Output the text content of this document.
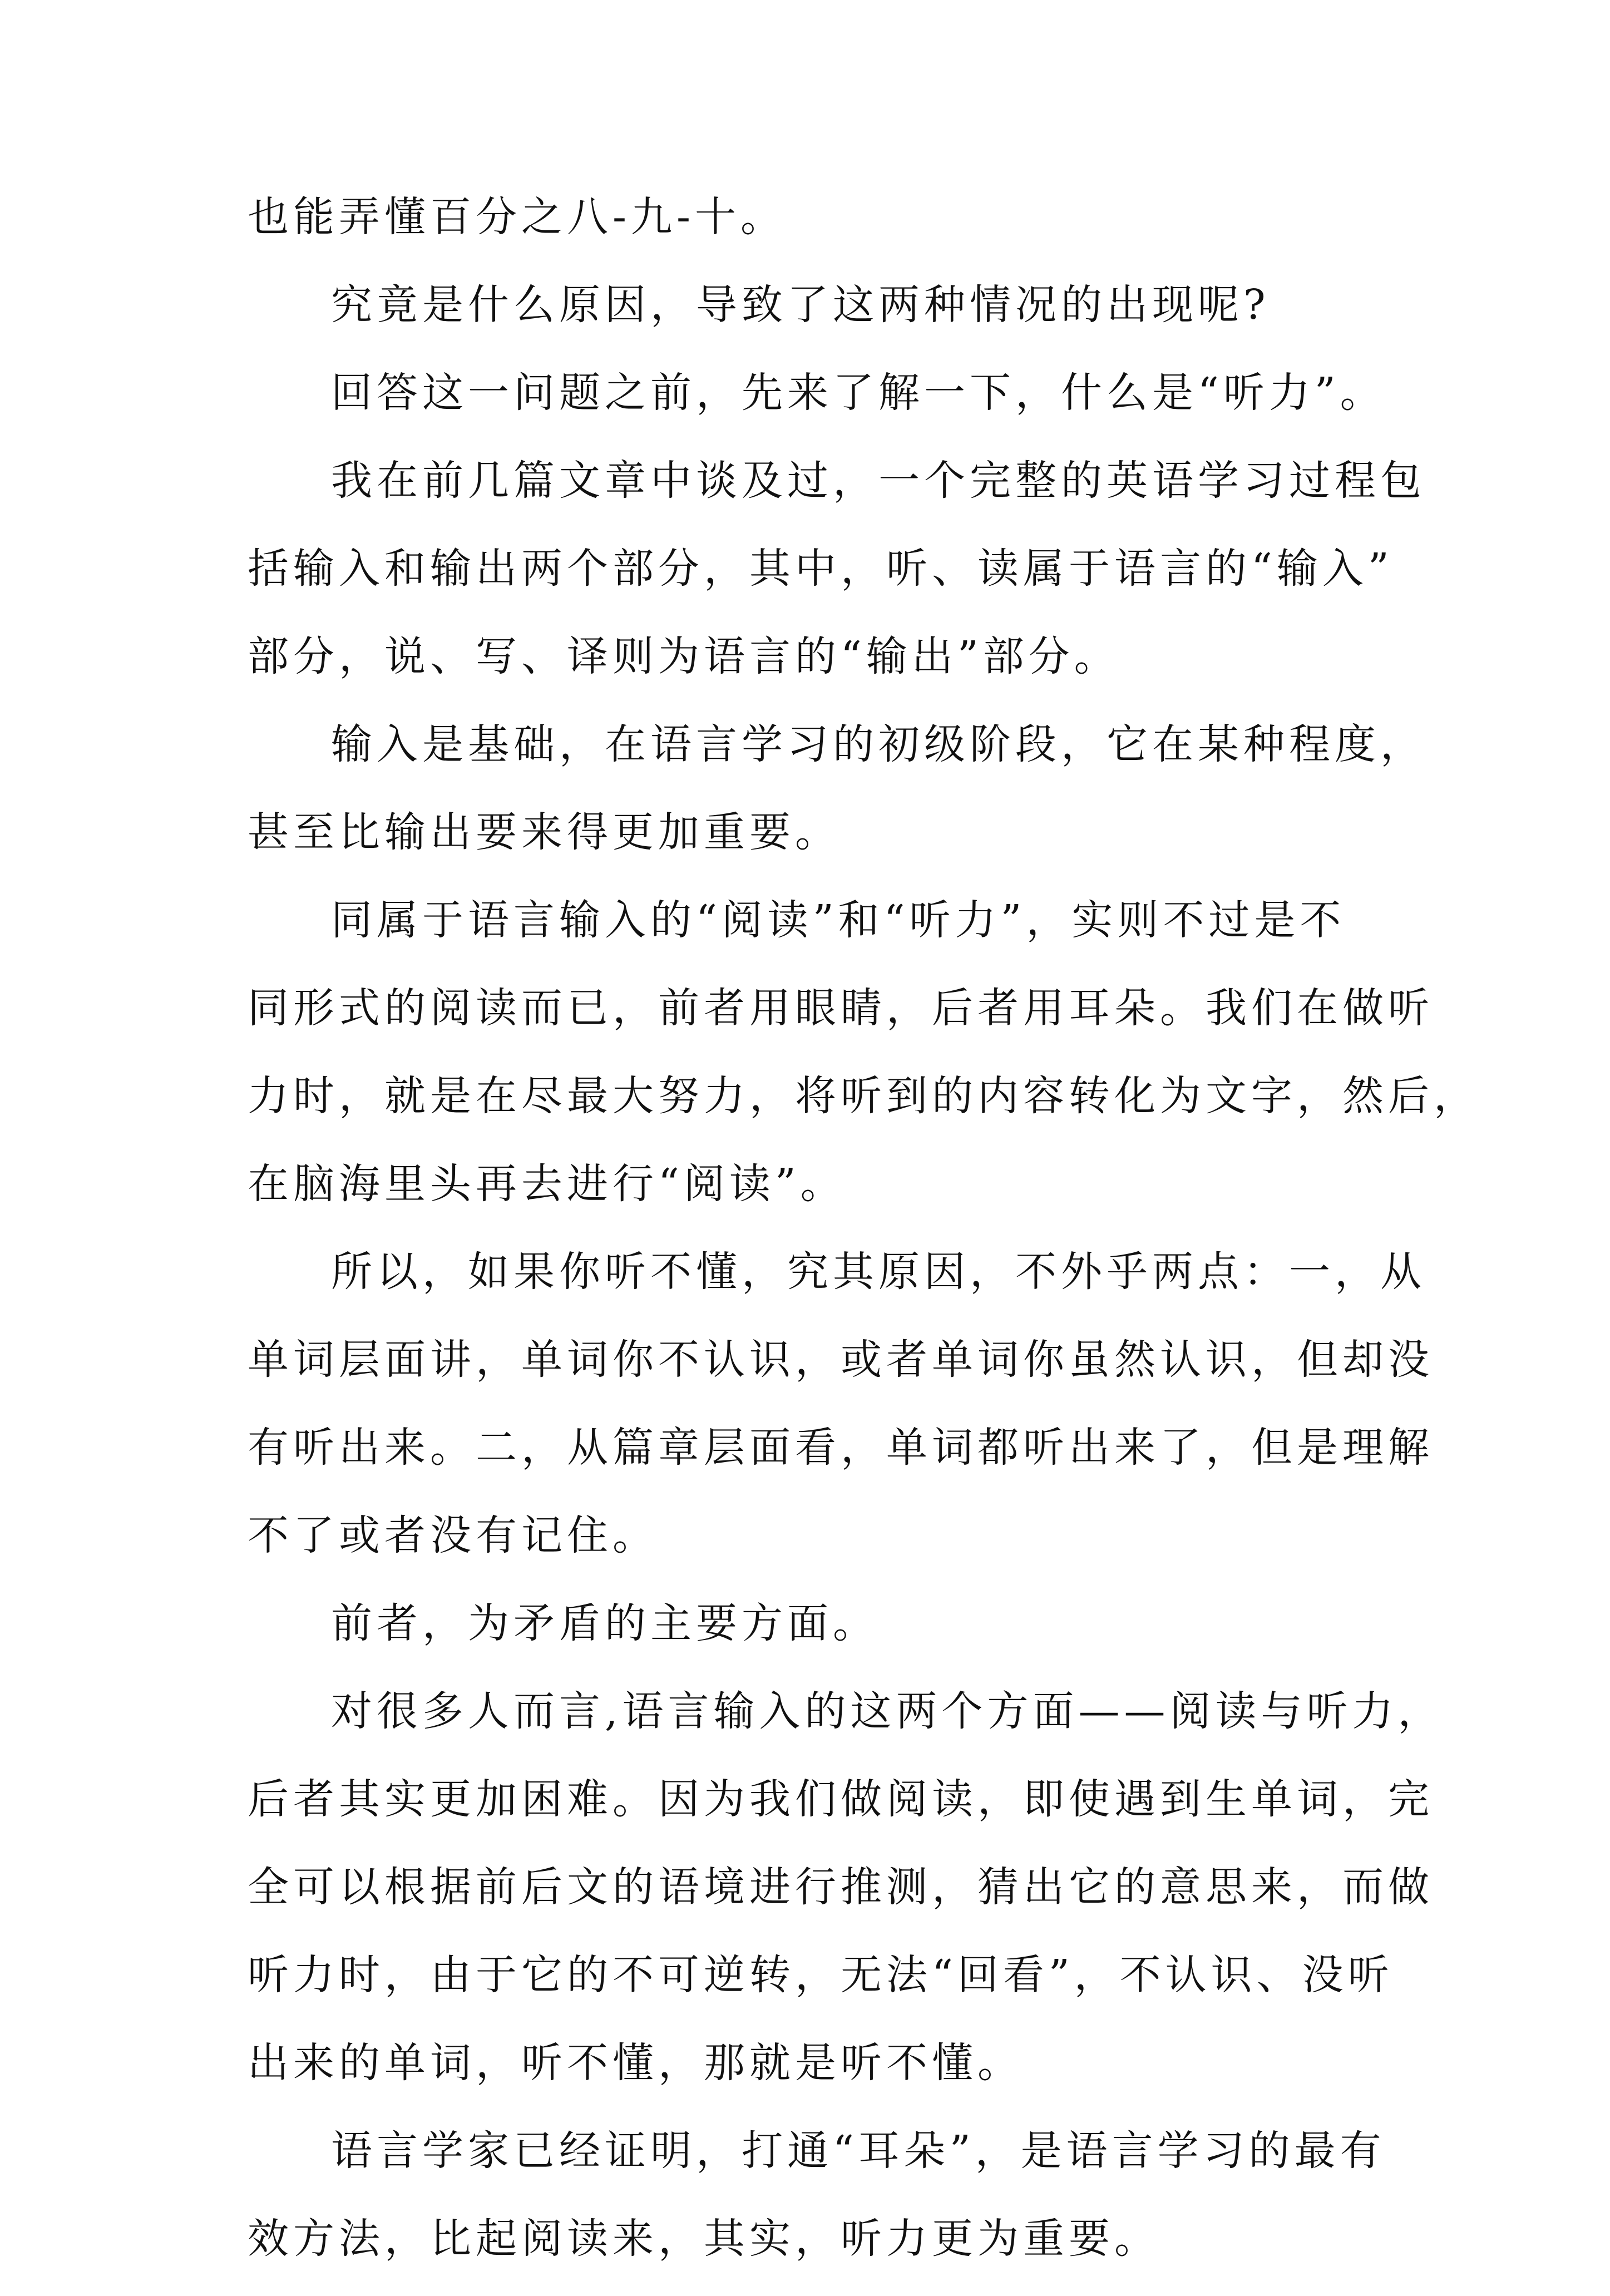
也能弄懂百分之八-九-十。
究竟是什么原因，导致了这两种情况的出现呢?
回答这一问题之前，先来了解一下，什么是“听力”。
我在前几篇文章中谈及过，一个完整的英语学习过程包
括输入和输出两个部分，其中，听、读属于语言的“输入”
部分，说、写、译则为语言的“输出”部分。
输入是基础，在语言学习的初级阶段，它在某种程度，
甚至比输出要来得更加重要。
同属于语言输入的“阅读”和“听力”，实则不过是不
同形式的阅读而已，前者用眼睛，后者用耳朵。我们在做听
力时，就是在尽最大努力，将听到的内容转化为文字，然后，
在脑海里头再去进行“阅读”。
所以，如果你听不懂，究其原因，不外乎两点：一，从
单词层面讲，单词你不认识，或者单词你虽然认识，但却没
有听出来。二，从篇章层面看，单词都听出来了，但是理解
不了或者没有记住。
前者，为矛盾的主要方面。
对很多人而言,语言输入的这两个方面——阅读与听力，
后者其实更加困难。因为我们做阅读，即使遇到生单词，完
全可以根据前后文的语境进行推测，猜出它的意思来，而做
听力时，由于它的不可逆转，无法“回看”，不认识、没听
出来的单词，听不懂，那就是听不懂。
语言学家已经证明，打通“耳朵”，是语言学习的最有
效方法，比起阅读来，其实，听力更为重要。
